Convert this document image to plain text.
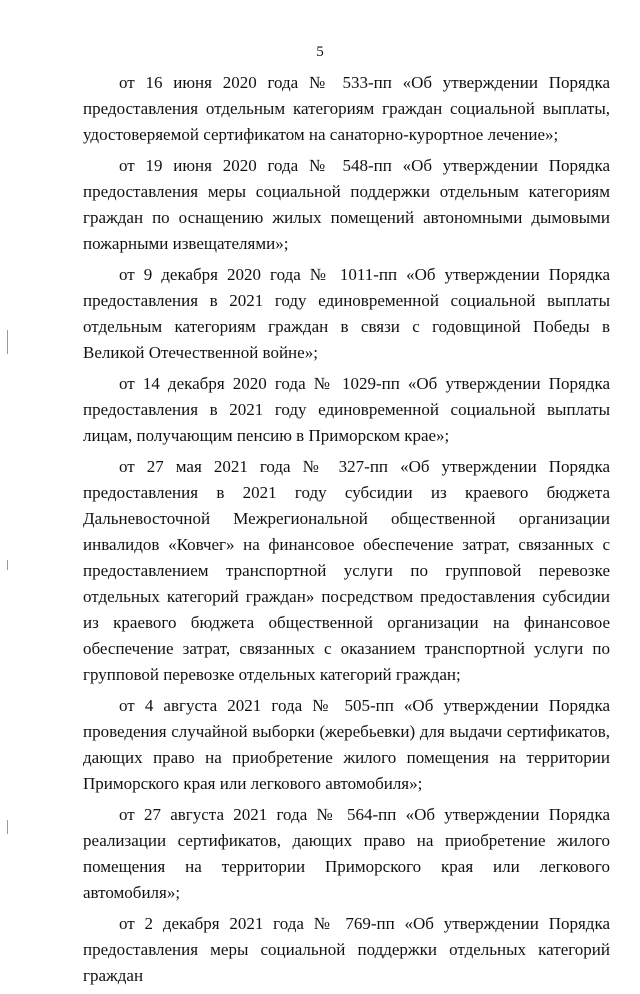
5

от 16 июня 2020 года № 533-пп «Об утверждении Порядка предоставления отдельным категориям граждан социальной выплаты, удостоверяемой сертификатом на санаторно-курортное лечение»;

от 19 июня 2020 года № 548-пп «Об утверждении Порядка предоставления меры социальной поддержки отдельным категориям граждан по оснащению жилых помещений автономными дымовыми пожарными извещателями»;

от 9 декабря 2020 года № 1011-пп «Об утверждении Порядка предоставления в 2021 году единовременной социальной выплаты отдельным категориям граждан в связи с годовщиной Победы в Великой Отечественной войне»;

от 14 декабря 2020 года № 1029-пп «Об утверждении Порядка предоставления в 2021 году единовременной социальной выплаты лицам, получающим пенсию в Приморском крае»;

от 27 мая 2021 года № 327-пп «Об утверждении Порядка предоставления в 2021 году субсидии из краевого бюджета Дальневосточной Межрегиональной общественной организации инвалидов «Ковчег» на финансовое обеспечение затрат, связанных с предоставлением транспортной услуги по групповой перевозке отдельных категорий граждан» посредством предоставления субсидии из краевого бюджета общественной организации на финансовое обеспечение затрат, связанных с оказанием транспортной услуги по групповой перевозке отдельных категорий граждан;

от 4 августа 2021 года № 505-пп «Об утверждении Порядка проведения случайной выборки (жеребьевки) для выдачи сертификатов, дающих право на приобретение жилого помещения на территории Приморского края или легкового автомобиля»;

от 27 августа 2021 года № 564-пп «Об утверждении Порядка реализации сертификатов, дающих право на приобретение жилого помещения на территории Приморского края или легкового автомобиля»;

от 2 декабря 2021 года № 769-пп «Об утверждении Порядка предоставления меры социальной поддержки отдельных категорий граждан
